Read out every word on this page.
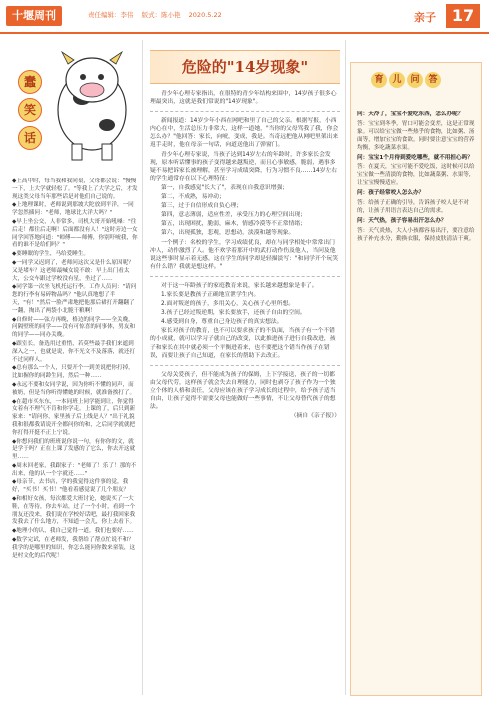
十堰周刊	责任编辑：李伟 版式：陈小艳 2020.5.22	亲子 17
蠢
笑
话

◆上高中时，每当我和我同桌，父母都会说："慢慢一下，上大学就轻松了。"等我上了大学之后，才发现这类父母当年那些话是对他们自己说的。

◆上地理课时，老师说到那坡大陀放到平洋，一同学忽然插问："老师，地球比大洋大吗？"

◆早上坐公交，人非常多，司机大哥开始吼嗓："往后走！都往后走啊！后面都没有人！"这时旁边一女同学回答地问道："师傅——师傅，你别吓唬我，你看的谁不是给们吗？"

◆要睡眠的学生，马给爱睡生。

◆一同学又迟到了，老师问这次又是什么原因呢？又是堵车？这老师最喊女说不敢：早上出门看太大，公交车跟过学校没有星，坐过了……

◆同学第一次坐飞机托运行李。工作人员问："请问您的行李有易碎物品吗？"他认真地想了半天，"有！"然后一脸严肃地把他那后裙打开翻翻了一翻，掏出了两袋小北脆干粮啊！

◆自修时——弦方再晚，格边的同学——全关晚，问隔壁班的同学——没有可惊喜的同事体，男友和的同学——同办关晚。

◆跟室长，备选用过重惜，若莫些最手我们来遮到深入之一，也就是说，你不光文不及落落，就还打不过同样人。

◆总有那么一个人，只要开个一到美说把你打掉，比如握你的同龄生同，然后一种……

◆永远不要和女同学说，因为你听不懂的同声，而被奶，但是当你听得懂她的时候，就准备挨打了。

◆在超市买东东，一本同班上同学能到让，你觉得女着有不理气不肯和你学走。上课的了，后只到新家来："请问你，家里孩子后上线是人？"出于礼貌我和很都我请说开全都问你的和，之后同学就就把你打得开挺不正上宁说。

◆你想问我们的班班说你说一句，有你你的文，就是学于吗？正在上课了发感的了它么，你去开这就里……

◆周末回老家，我跟家子："老师了！乐了！那的不出来，他的认一个字就还……"

◆母亲节，去书店，学的我觉得这件事的觉，我好，"买书！买书！"他看着感觉说了几个朋友？

◆和相好女孩，每次都爱大班讨论，她说买了一大鞋，在等待，你去车站，过了一个小时，看到一个朋友还没来，我们说在学校好话吧，最打我回家我发我去了什么地方，不知道一会儿，你上去看下。

◆地理小的认，我自己觉得一道，我们也要好……

◆数学完试，在老师发，我帮给了帮点忙说不和？我学的是哪里的知识，你怎么能问你数来童装，这是村文化的后代呢！

危险的"14岁现象"

青少年心理专家指出，在很特的青少年结构来围中，14岁孩子很多心理最突出，这就是我们常说的"14岁现象"。

新闻报道：14岁少年小西在网吧和里了自己的父亲。根据写报，小西内心在中，生活总压力非常大，这样一道她，"当你的父母骂我了我，你会怎么办？"他回答：家长，向唬，变成，我是。当奇远把他从网吧里架出来返手走时，他在母亲一句话，向道送他出了弹窗门。

青少年心理专家说，当孩子达到14岁左右的年龄时，许多家长会发现，原本听话懂事的孩子变得越来越叛逆，而且心事敏感，脆弱，遇事多疑不易把诉家长被理解，甚至学习成绩突降，行为习惯不良……14岁左右的学生通常存在以下心理特征：

第一，自我感觉"长大了"，表现在自我意识增强；

第二，不成熟，易冲动；

第三，过于自信形成自负心理；

第四，意志薄弱，适应性差，承受压力的心理空间出现；

第五，出现困扰，脆弱，麻木，情感冷漠等不正常情绪；

第六，出现孤独，悲观，思想动，淡漠和越等现象。

一个例子：名校的学生，学习成绩优良，却在与同学相处中常常出门冲人，动作激烈了人。他不欢学着那开中的武打动作伤及他人，当问及他说这些事时显示着无感，这在学生的同学却是轻描淡写："和同学开个玩笑有什么错？我就是想这样。"

对于这一年龄孩子的家庭教育来说，家长越来越想象是非了。

1.家长要是教孩子正确地宣泄学生内。

2.面对叛逆的孩子，多用关心，关心孩子心里所想。

3.孩子已经过叛逆期，家长要放手，还孩子自由的空间。

4.感受到自身，尊重自己身边孩子的真实想法。

家长对孩子的教育，也不可以要求孩子的不负面，当孩子有一个不错的小成就，就可以学习子就自己的改变，以此推进孩子进行自我改进，孩子和家长在其中就必须一个平衡进着来，也不要把这个错当作孩子在错误，而要让孩子自己知道，在家长的帮助下去改正。

父母关爱孩子，但不能成为孩子的保姆，上下学接送，孩子的一切都由父母代劳，这样孩子就会失去自理能力，同时也剥夺了孩子作为一个独立个体的人格和责任，父母应该在孩子学习成长的过程中，给予孩子适当自由，让孩子觉得不需要父母也能做好一些事情，不让父母替代孩子的想法。

（摘自《亲子报》）

育 儿 问 答

问：天冷了，宝宝不爱吃东西，怎么办呢？

答：宝宝到冬季，胃口可能会变差，这是正常现象。可以给宝宝做一些热乎的食物，比如粥、汤面等，增加宝宝的食欲。同时要注意宝宝的营养均衡，多吃蔬菜水果。

问：宝宝1个月待到爱吃哪些，就不用担心吗？

答：在夏天，宝宝可能不爱吃饭，这时候可以给宝宝做一些清淡的食物，比如蔬菜粥、水果等，让宝宝慢慢适应。

问：孩子经常咬人怎么办？

答：给孩子正确的引导，告诉孩子咬人是不对的，让孩子用语言表达自己的需求。

问：天气热，孩子容易出汗怎么办？

答：天气炎热，大人小孩都容易出汗，要注意给孩子补充水分，勤换衣服，保持皮肤清洁干爽。
